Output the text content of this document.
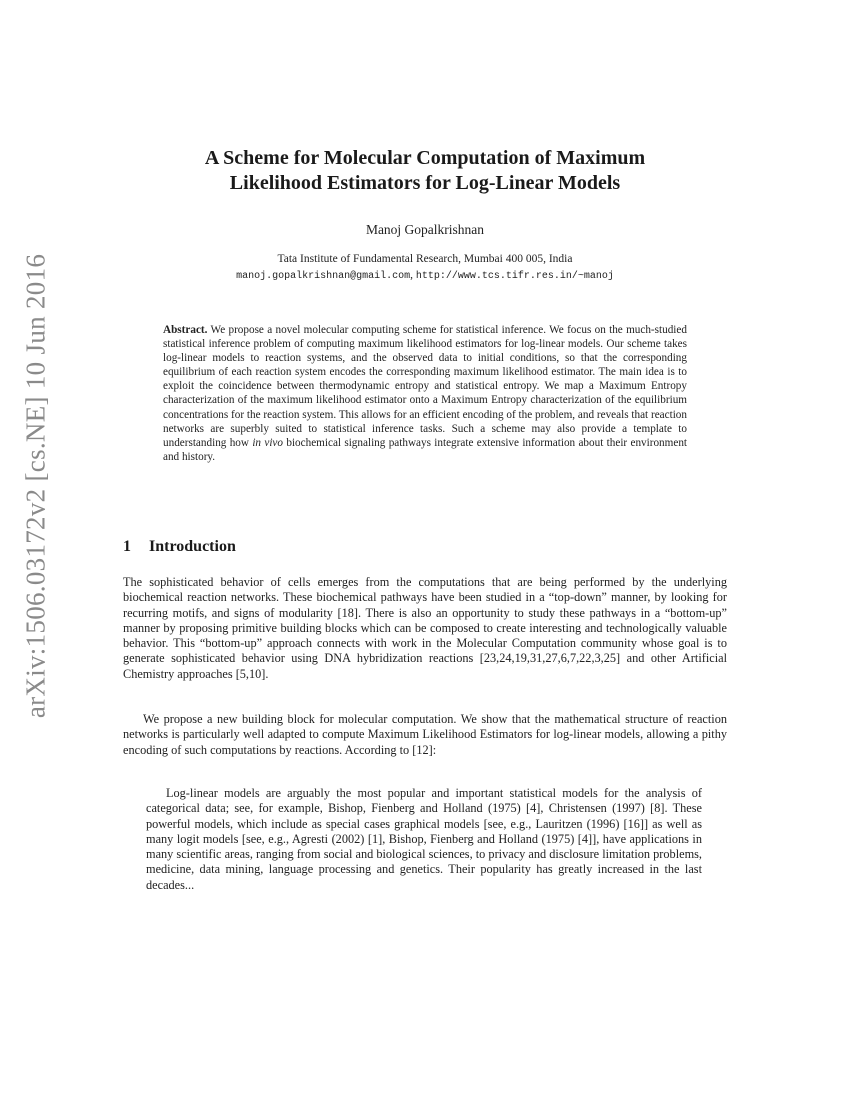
arXiv:1506.03172v2 [cs.NE] 10 Jun 2016
A Scheme for Molecular Computation of Maximum
Likelihood Estimators for Log-Linear Models
Manoj Gopalkrishnan
Tata Institute of Fundamental Research, Mumbai 400 005, India
manoj.gopalkrishnan@gmail.com, http://www.tcs.tifr.res.in/~manoj
Abstract. We propose a novel molecular computing scheme for statistical inference. We focus on the much-studied statistical inference problem of computing maximum likelihood estimators for log-linear models. Our scheme takes log-linear models to reaction systems, and the observed data to initial conditions, so that the corresponding equilibrium of each reaction system encodes the corresponding maximum likelihood estimator. The main idea is to exploit the coincidence between thermodynamic entropy and statistical entropy. We map a Maximum Entropy characterization of the maximum likelihood estimator onto a Maximum Entropy characterization of the equilibrium concentrations for the reaction system. This allows for an efficient encoding of the problem, and reveals that reaction networks are superbly suited to statistical inference tasks. Such a scheme may also provide a template to understanding how in vivo biochemical signaling pathways integrate extensive information about their environment and history.
1 Introduction

The sophisticated behavior of cells emerges from the computations that are being performed by the underlying biochemical reaction networks. These biochemical pathways have been studied in a “top-down” manner, by looking for recurring motifs, and signs of modularity [18]. There is also an opportunity to study these pathways in a “bottom-up” manner by proposing primitive building blocks which can be composed to create interesting and technologically valuable behavior. This “bottom-up” approach connects with work in the Molecular Computation community whose goal is to generate sophisticated behavior using DNA hybridization reactions [23,24,19,31,27,6,7,22,3,25] and other Artificial Chemistry approaches [5,10].

We propose a new building block for molecular computation. We show that the mathematical structure of reaction networks is particularly well adapted to compute Maximum Likelihood Estimators for log-linear models, allowing a pithy encoding of such computations by reactions. According to [12]:

Log-linear models are arguably the most popular and important statistical models for the analysis of categorical data; see, for example, Bishop, Fienberg and Holland (1975) [4], Christensen (1997) [8]. These powerful models, which include as special cases graphical models [see, e.g., Lauritzen (1996) [16]] as well as many logit models [see, e.g., Agresti (2002) [1], Bishop, Fienberg and Holland (1975) [4]], have applications in many scientific areas, ranging from social and biological sciences, to privacy and disclosure limitation problems, medicine, data mining, language processing and genetics. Their popularity has greatly increased in the last decades...
